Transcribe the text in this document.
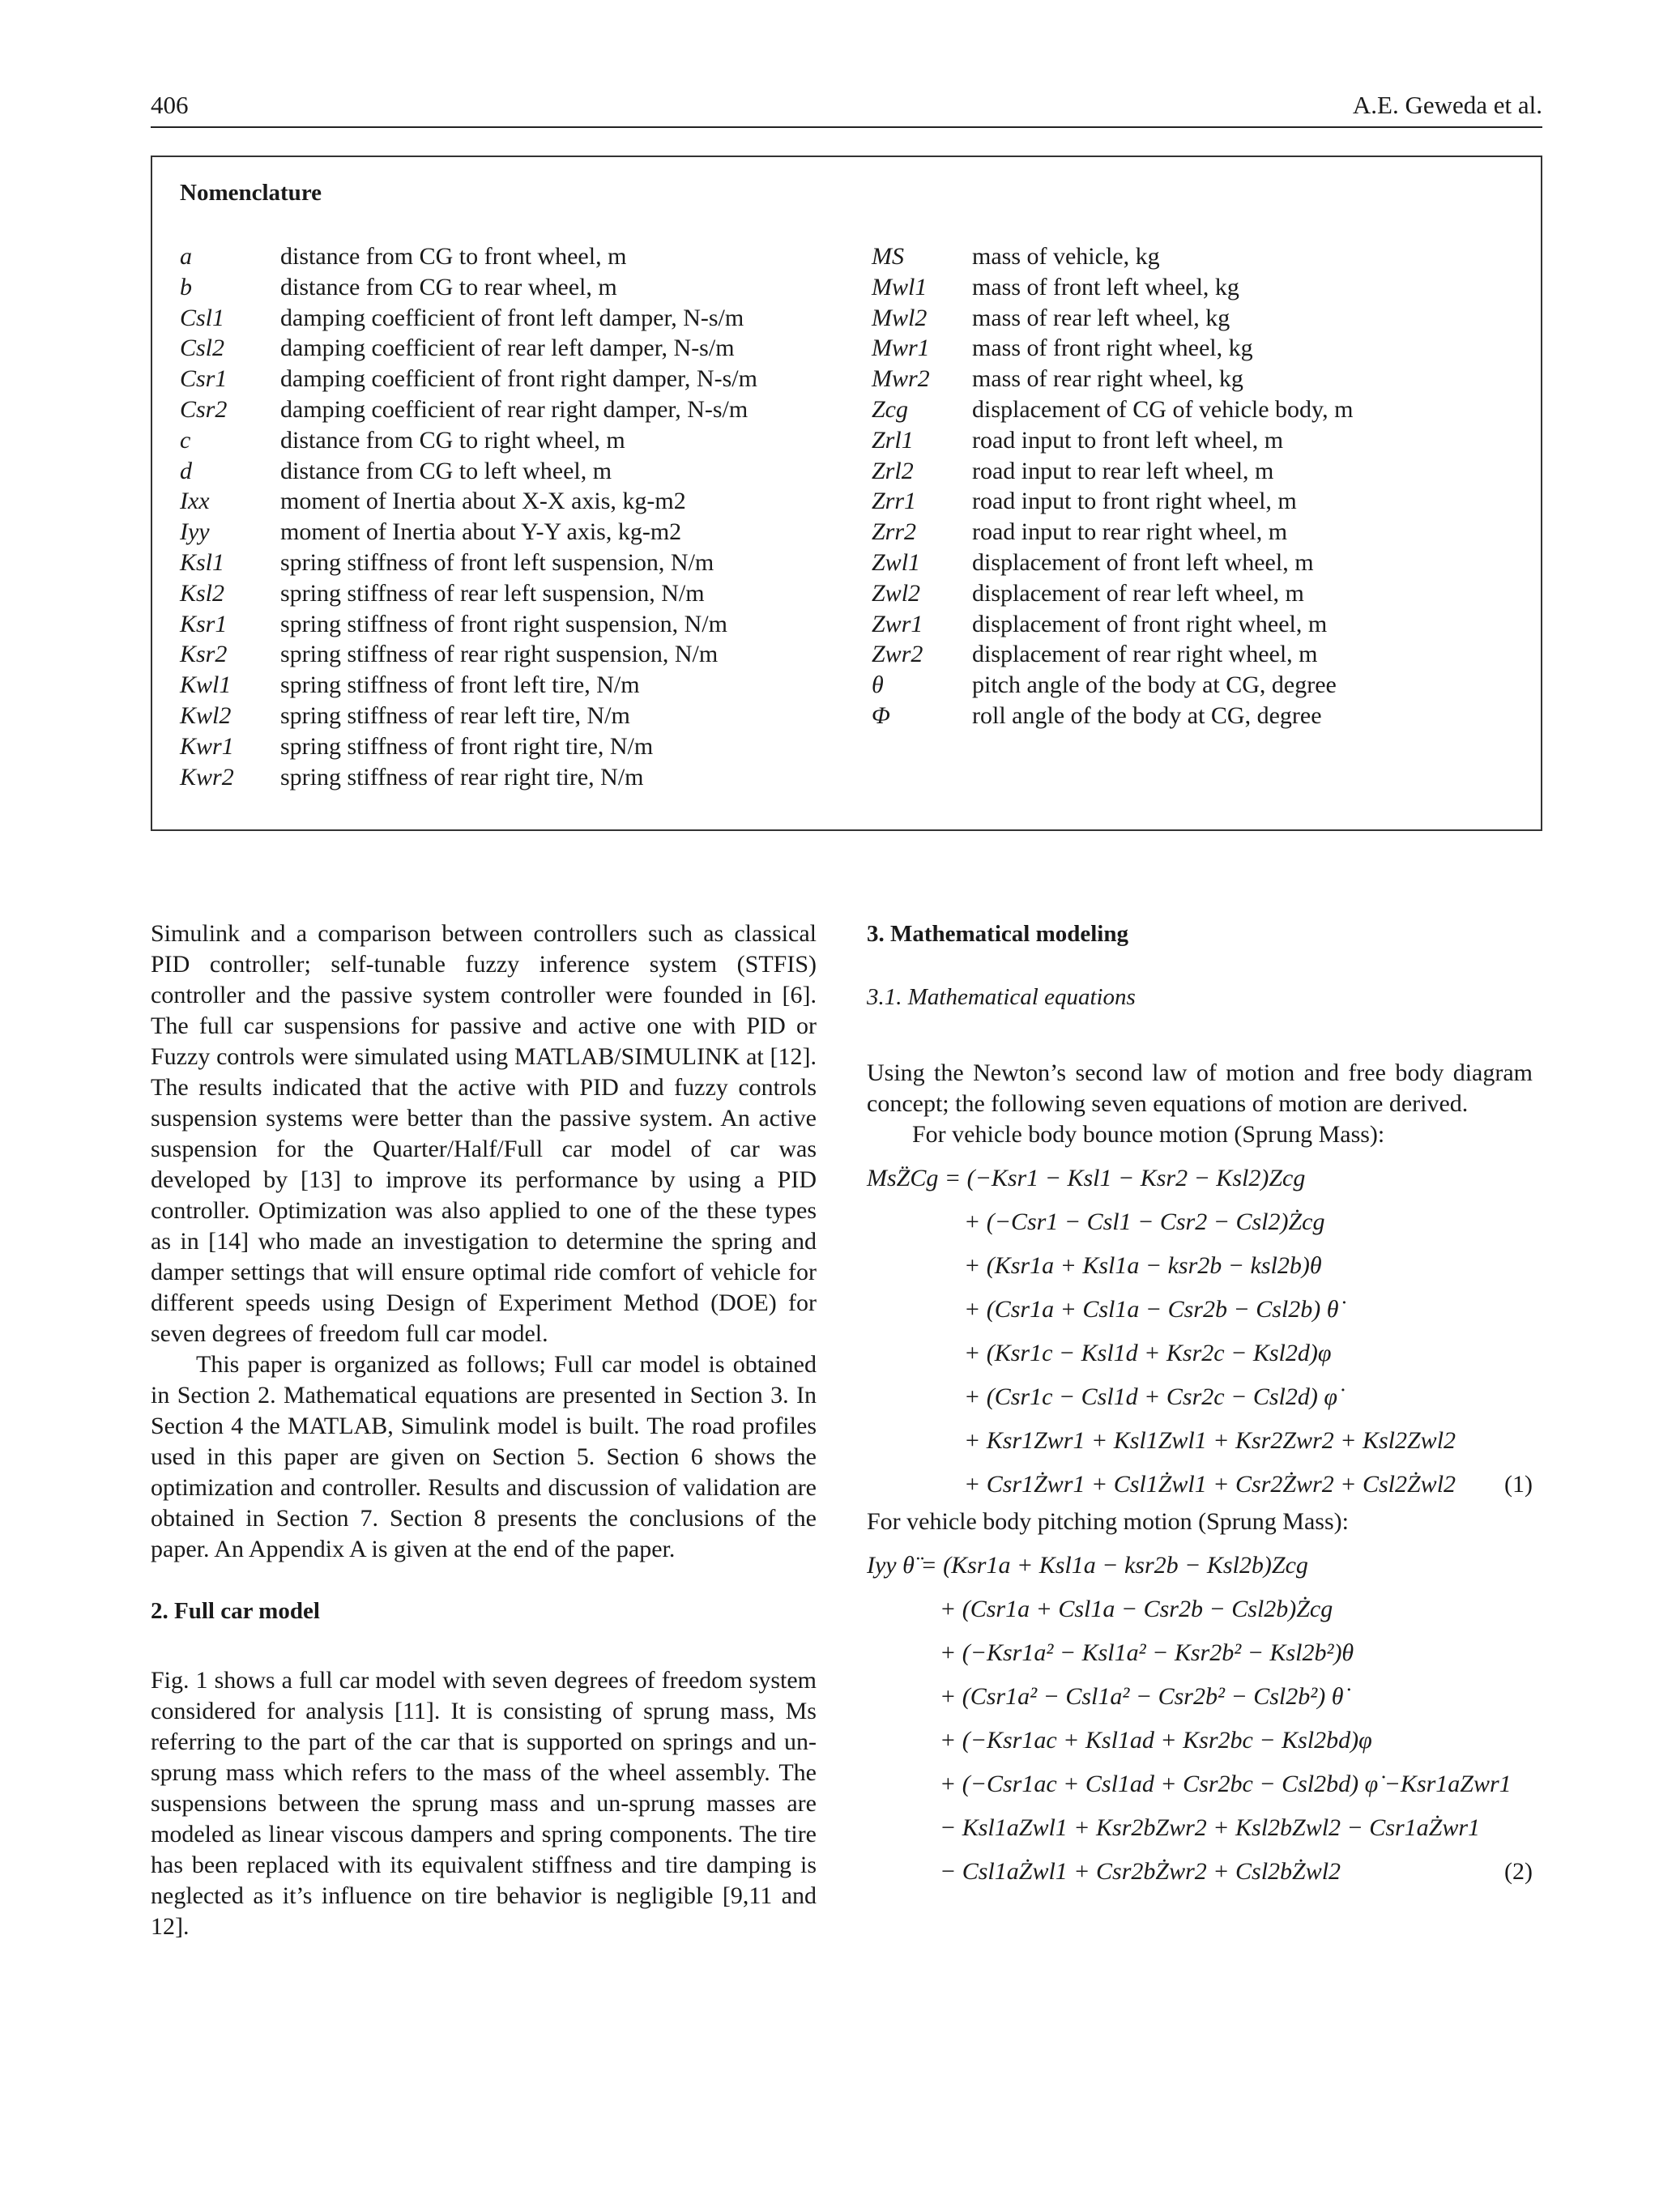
406	A.E. Geweda et al.
Nomenclature
a	distance from CG to front wheel, m
b	distance from CG to rear wheel, m
Csl1	damping coefficient of front left damper, N-s/m
Csl2	damping coefficient of rear left damper, N-s/m
Csr1	damping coefficient of front right damper, N-s/m
Csr2	damping coefficient of rear right damper, N-s/m
c	distance from CG to right wheel, m
d	distance from CG to left wheel, m
Ixx	moment of Inertia about X-X axis, kg-m2
Iyy	moment of Inertia about Y-Y axis, kg-m2
Ksl1	spring stiffness of front left suspension, N/m
Ksl2	spring stiffness of rear left suspension, N/m
Ksr1	spring stiffness of front right suspension, N/m
Ksr2	spring stiffness of rear right suspension, N/m
Kwl1	spring stiffness of front left tire, N/m
Kwl2	spring stiffness of rear left tire, N/m
Kwr1	spring stiffness of front right tire, N/m
Kwr2	spring stiffness of rear right tire, N/m
MS	mass of vehicle, kg
Mwl1	mass of front left wheel, kg
Mwl2	mass of rear left wheel, kg
Mwr1	mass of front right wheel, kg
Mwr2	mass of rear right wheel, kg
Zcg	displacement of CG of vehicle body, m
Zrl1	road input to front left wheel, m
Zrl2	road input to rear left wheel, m
Zrr1	road input to front right wheel, m
Zrr2	road input to rear right wheel, m
Zwl1	displacement of front left wheel, m
Zwl2	displacement of rear left wheel, m
Zwr1	displacement of front right wheel, m
Zwr2	displacement of rear right wheel, m
θ	pitch angle of the body at CG, degree
Φ	roll angle of the body at CG, degree

Simulink and a comparison between controllers such as classical PID controller; self-tunable fuzzy inference system (STFIS) controller and the passive system controller were founded in [6]. The full car suspensions for passive and active one with PID or Fuzzy controls were simulated using MATLAB/SIMULINK at [12]. The results indicated that the active with PID and fuzzy controls suspension systems were better than the passive system. An active suspension for the Quarter/Half/Full car model of car was developed by [13] to improve its performance by using a PID controller. Optimization was also applied to one of the these types as in [14] who made an investigation to determine the spring and damper settings that will ensure optimal ride comfort of vehicle for different speeds using Design of Experiment Method (DOE) for seven degrees of freedom full car model.

This paper is organized as follows; Full car model is obtained in Section 2. Mathematical equations are presented in Section 3. In Section 4 the MATLAB, Simulink model is built. The road profiles used in this paper are given on Section 5. Section 6 shows the optimization and controller. Results and discussion of validation are obtained in Section 7. Section 8 presents the conclusions of the paper. An Appendix A is given at the end of the paper.

2. Full car model

Fig. 1 shows a full car model with seven degrees of freedom system considered for analysis [11]. It is consisting of sprung mass, Ms referring to the part of the car that is supported on springs and un-sprung mass which refers to the mass of the wheel assembly. The suspensions between the sprung mass and un-sprung masses are modeled as linear viscous dampers and spring components. The tire has been replaced with its equivalent stiffness and tire damping is neglected as it’s influence on tire behavior is negligible [9,11 and 12].

3. Mathematical modeling

3.1. Mathematical equations

Using the Newton’s second law of motion and free body diagram concept; the following seven equations of motion are derived.

For vehicle body bounce motion (Sprung Mass):

MsZ̈Cg = (−Ksr1 − Ksl1 − Ksr2 − Ksl2)Zcg
+ (−Csr1 − Csl1 − Csr2 − Csl2)Żcg
+ (Ksr1a + Ksl1a − ksr2b − ksl2b)θ
+ (Csr1a + Csl1a − Csr2b − Csl2b) θ̇
+ (Ksr1c − Ksl1d + Ksr2c − Ksl2d)φ
+ (Csr1c − Csl1d + Csr2c − Csl2d) φ̇
+ Ksr1Zwr1 + Ksl1Zwl1 + Ksr2Zwr2 + Ksl2Zwl2
+ Csr1Żwr1 + Csl1Żwl1 + Csr2Żwr2 + Csl2Żwl2 (1)

For vehicle body pitching motion (Sprung Mass):

Iyy θ̈ = (Ksr1a + Ksl1a − ksr2b − Ksl2b)Zcg
+ (Csr1a + Csl1a − Csr2b − Csl2b)Żcg
+ (−Ksr1a² − Ksl1a² − Ksr2b² − Ksl2b²)θ
+ (Csr1a² − Csl1a² − Csr2b² − Csl2b²) θ̇
+ (−Ksr1ac + Ksl1ad + Ksr2bc − Ksl2bd)φ
+ (−Csr1ac + Csl1ad + Csr2bc − Csl2bd) φ̇ −Ksr1aZwr1
− Ksl1aZwl1 + Ksr2bZwr2 + Ksl2bZwl2 − Csr1aŻwr1
− Csl1aŻwl1 + Csr2bŻwr2 + Csl2bŻwl2	(2)
